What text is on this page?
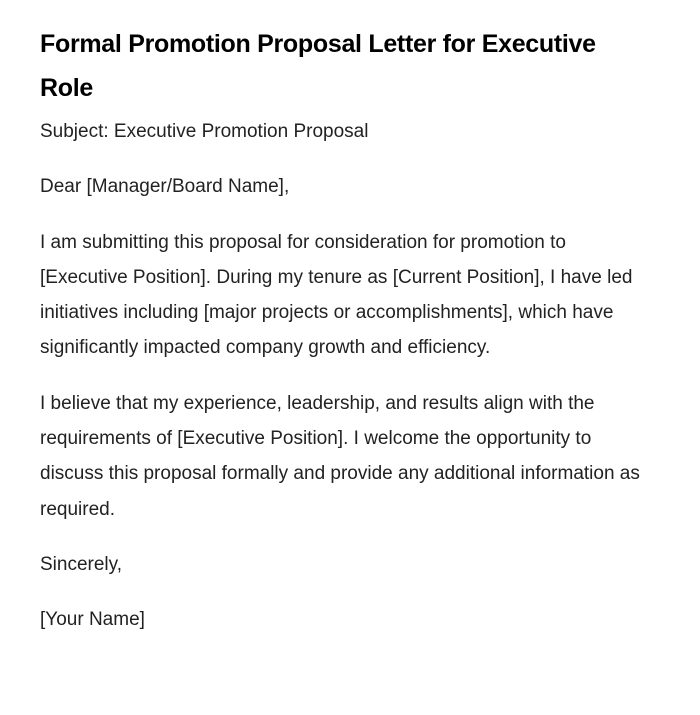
Formal Promotion Proposal Letter for Executive Role

Subject: Executive Promotion Proposal

Dear [Manager/Board Name],

I am submitting this proposal for consideration for promotion to [Executive Position]. During my tenure as [Current Position], I have led initiatives including [major projects or accomplishments], which have significantly impacted company growth and efficiency.

I believe that my experience, leadership, and results align with the requirements of [Executive Position]. I welcome the opportunity to discuss this proposal formally and provide any additional information as required.

Sincerely,

[Your Name]
